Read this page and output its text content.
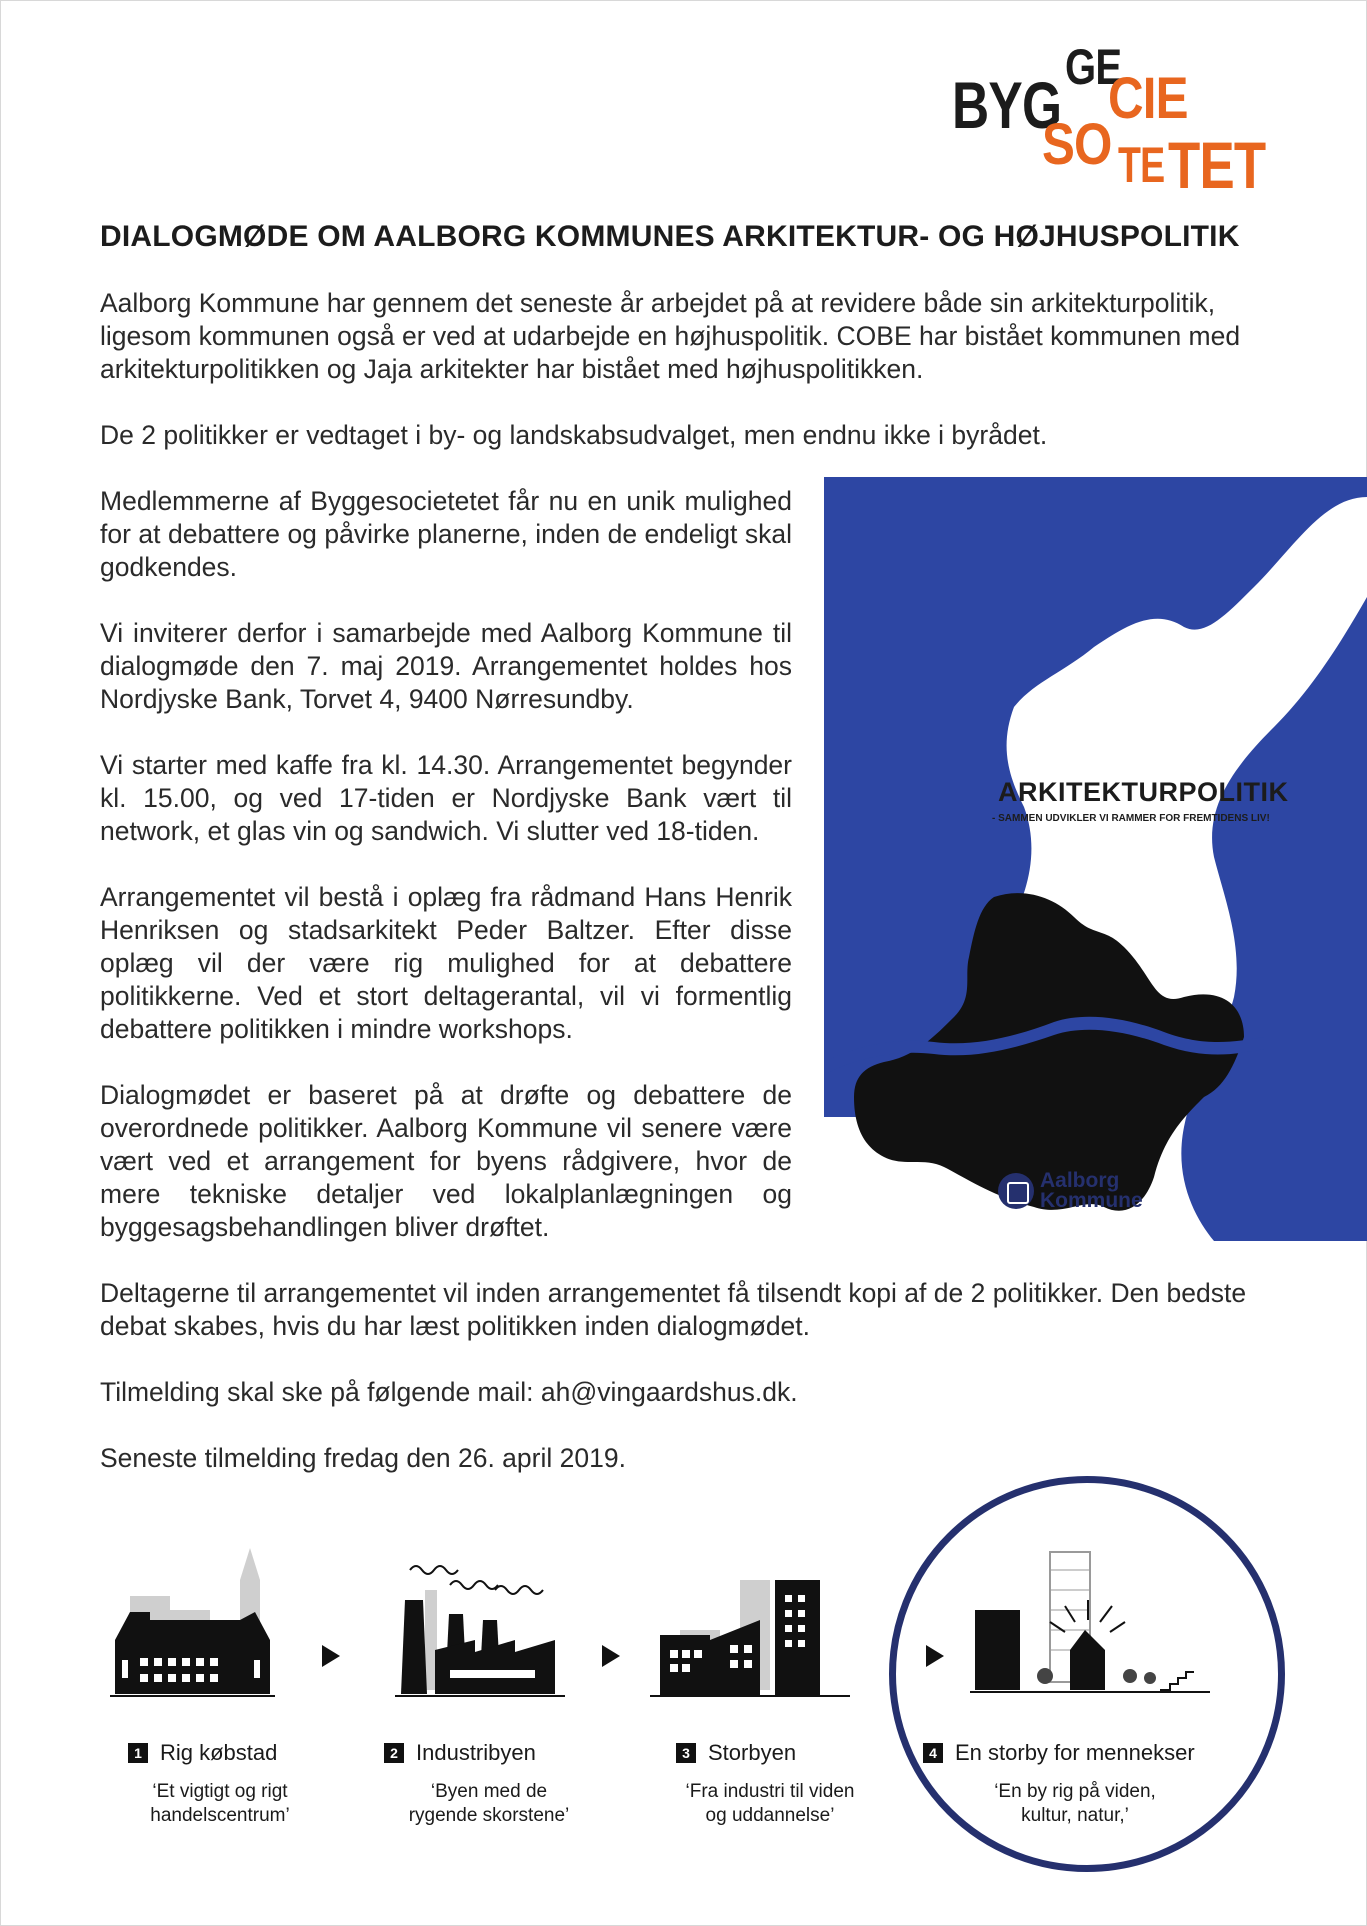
BYG
GE
CIE
SO TE TET
DIALOGMØDE OM AALBORG KOMMUNES ARKITEKTUR- OG HØJHUSPOLITIK

Aalborg Kommune har gennem det seneste år arbejdet på at revidere både sin arkitekturpolitik, ligesom kommunen også er ved at udarbejde en højhuspolitik. COBE har bistået kommunen med arkitekturpolitikken og Jaja arkitekter har bistået med højhuspolitikken.

De 2 politikker er vedtaget i by- og landskabsudvalget, men endnu ikke i byrådet.

Medlemmerne af Byggesocietetet får nu en unik mulighed for at debattere og påvirke planerne, inden de endeligt skal godkendes.

Vi inviterer derfor i samarbejde med Aalborg Kommune til dialogmøde den 7. maj 2019. Arrangementet holdes hos Nordjyske Bank, Torvet 4, 9400 Nørresundby.

Vi starter med kaffe fra kl. 14.30. Arrangementet begynder kl. 15.00, og ved 17-tiden er Nordjyske Bank vært til network, et glas vin og sandwich. Vi slutter ved 18-tiden.

Arrangementet vil bestå i oplæg fra rådmand Hans Henrik Henriksen og stadsarkitekt Peder Baltzer. Efter disse oplæg vil der være rig mulighed for at debattere politikkerne. Ved et stort deltagerantal, vil vi formentlig debattere politikken i mindre workshops.

Dialogmødet er baseret på at drøfte og debattere de overordnede politikker. Aalborg Kommune vil senere være vært ved et arrangement for byens rådgivere, hvor de mere tekniske detaljer ved lokalplanlægningen og byggesagsbehandlingen bliver drøftet.

Deltagerne til arrangementet vil inden arrangementet få tilsendt kopi af de 2 politikker. Den bedste debat skabes, hvis du har læst politikken inden dialogmødet.

Tilmelding skal ske på følgende mail: ah@vingaardshus.dk.

Seneste tilmelding fredag den 26. april 2019.

ARKITEKTURPOLITIK
- SAMMEN UDVIKLER VI RAMMER FOR FREMTIDENS LIV!
Aalborg
Kommune
1 Rig købstad
‘Et vigtigt og rigt
handelscentrum’
2 Industribyen
‘Byen med de
rygende skorstene’
3 Storbyen
‘Fra industri til viden
og uddannelse’
4 En storby for mennekser
‘En by rig på viden,
kultur, natur,’
